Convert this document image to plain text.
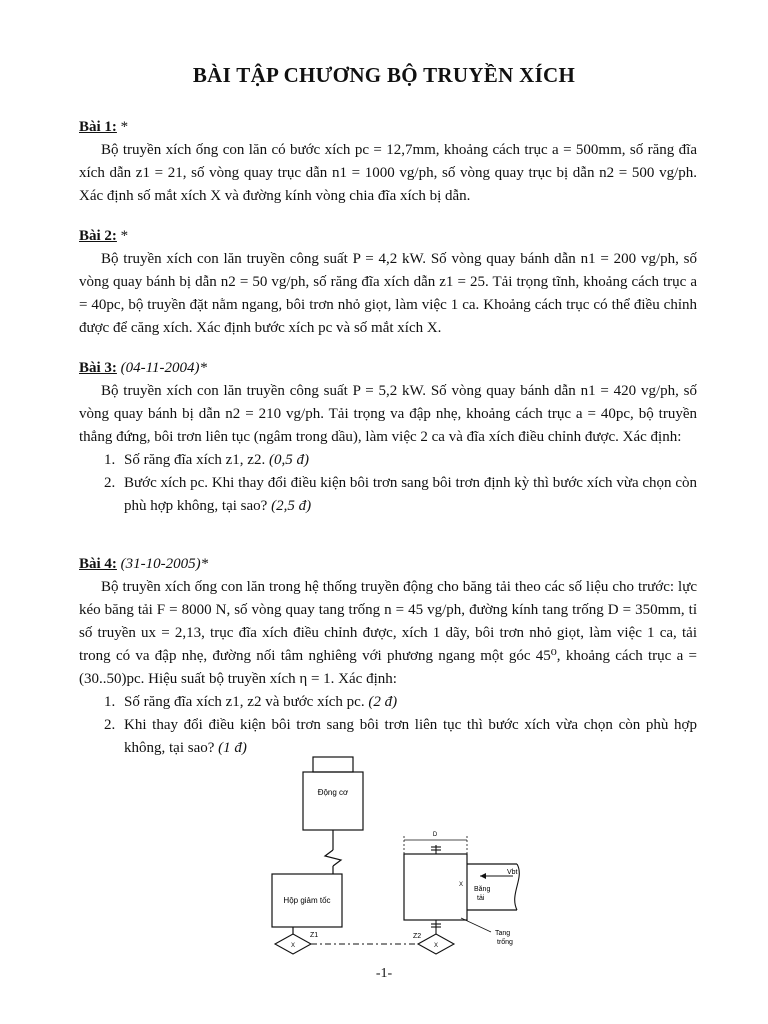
BÀI TẬP CHƯƠNG BỘ TRUYỀN XÍCH

Bài 1: *

Bộ truyền xích ống con lăn có bước xích pc = 12,7mm, khoảng cách trục a = 500mm, số răng đĩa xích dẫn z1 = 21, số vòng quay trục dẫn n1 = 1000 vg/ph, số vòng quay trục bị dẫn n2 = 500 vg/ph. Xác định số mắt xích X và đường kính vòng chia đĩa xích bị dẫn.

Bài 2: *

Bộ truyền xích con lăn truyền công suất P = 4,2 kW. Số vòng quay bánh dẫn n1 = 200 vg/ph, số vòng quay bánh bị dẫn n2 = 50 vg/ph, số răng đĩa xích dẫn z1 = 25. Tải trọng tĩnh, khoảng cách trục a = 40pc, bộ truyền đặt nằm ngang, bôi trơn nhỏ giọt, làm việc 1 ca. Khoảng cách trục có thể điều chỉnh được để căng xích. Xác định bước xích pc và số mắt xích X.

Bài 3: (04-11-2004)*

Bộ truyền xích con lăn truyền công suất P = 5,2 kW. Số vòng quay bánh dẫn n1 = 420 vg/ph, số vòng quay bánh bị dẫn n2 = 210 vg/ph. Tải trọng va đập nhẹ, khoảng cách trục a = 40pc, bộ truyền thẳng đứng, bôi trơn liên tục (ngâm trong dầu), làm việc 2 ca và đĩa xích điều chỉnh được. Xác định:

1. Số răng đĩa xích z1, z2. (0,5 đ)
2. Bước xích pc. Khi thay đổi điều kiện bôi trơn sang bôi trơn định kỳ thì bước xích vừa chọn còn phù hợp không, tại sao? (2,5 đ)

Bài 4: (31-10-2005)*

Bộ truyền xích ống con lăn trong hệ thống truyền động cho băng tải theo các số liệu cho trước: lực kéo băng tải F = 8000 N, số vòng quay tang trống n = 45 vg/ph, đường kính tang trống D = 350mm, tỉ số truyền ux = 2,13, trục đĩa xích điều chỉnh được, xích 1 dãy, bôi trơn nhỏ giọt, làm việc 1 ca, tải trong có va đập nhẹ, đường nối tâm nghiêng với phương ngang một góc 45⁰, khoảng cách trục a = (30..50)pc. Hiệu suất bộ truyền xích η = 1. Xác định:

1. Số răng đĩa xích z1, z2 và bước xích pc. (2 đ)
2. Khi thay đổi điều kiện bôi trơn sang bôi trơn liên tục thì bước xích vừa chọn còn phù hợp không, tại sao? (1 đ)
Động cơ
Hộp giảm tốc
X
Z1
X
Z2
D
Vbt
X
Băng
tải
Tang
trống
-1-
